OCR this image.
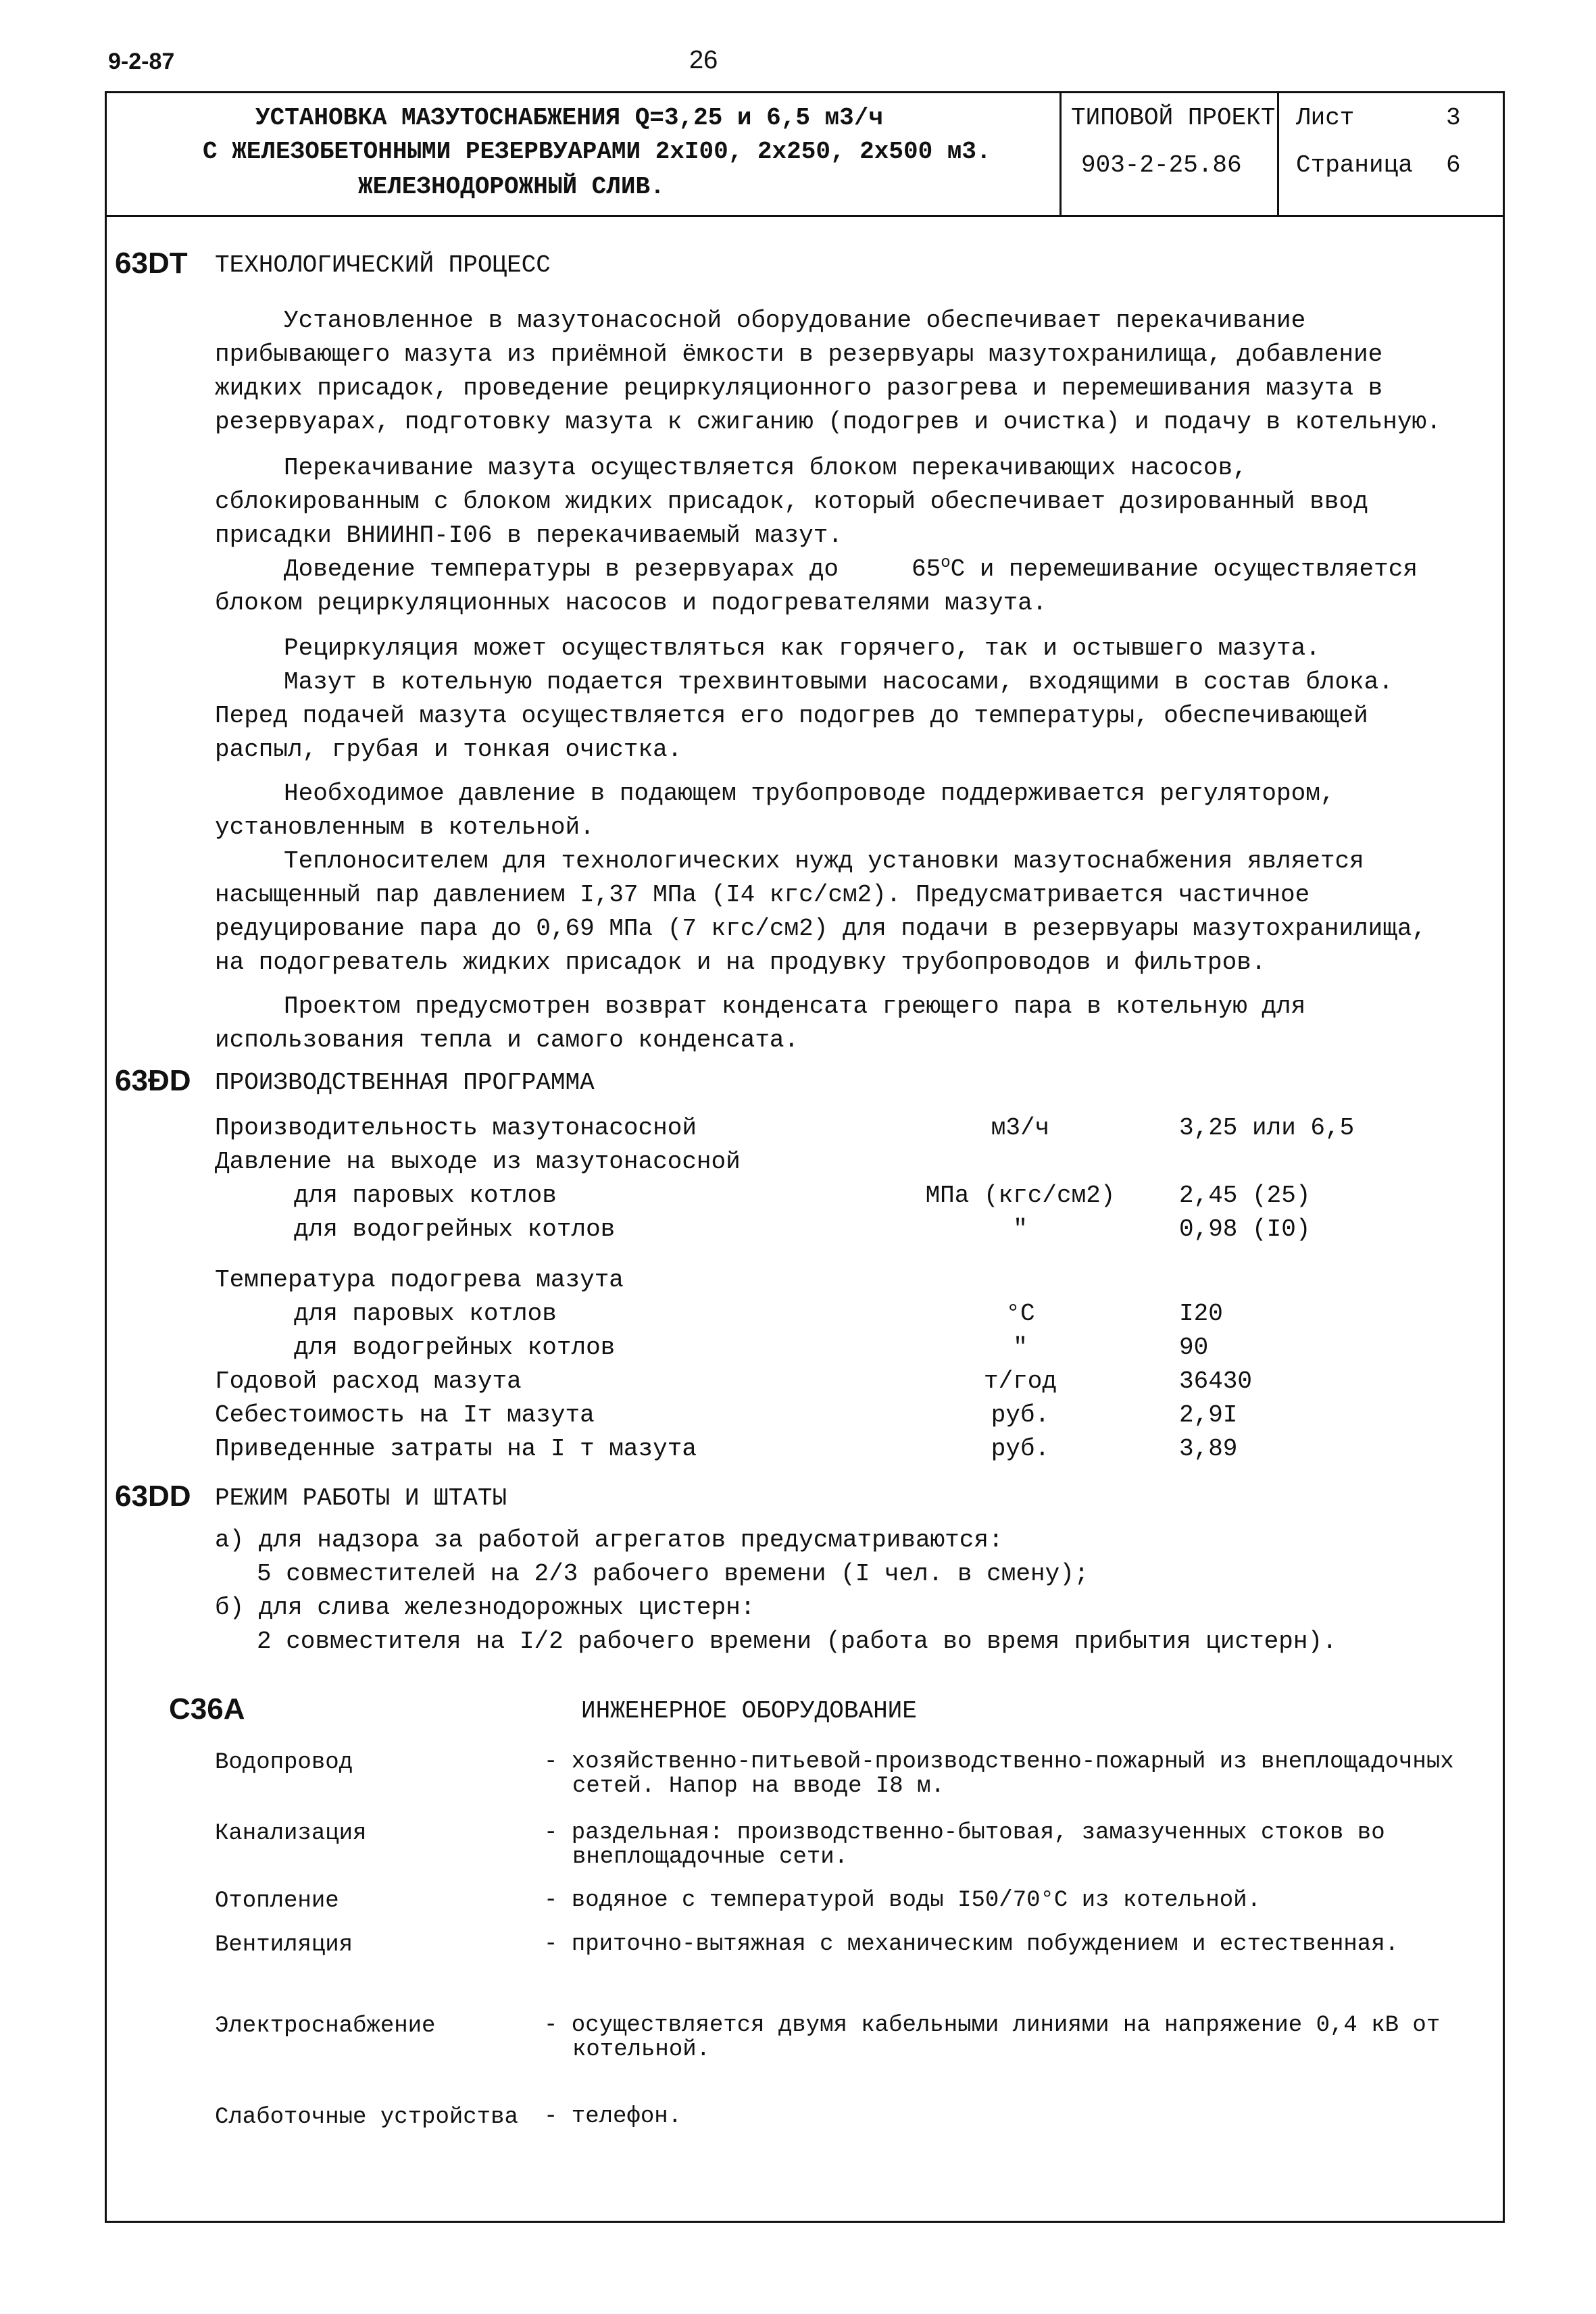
9-2-87	26
УСТАНОВКА МАЗУТОСНАБЖЕНИЯ Q=3,25 и 6,5 м3/ч
С ЖЕЛЕЗОБЕТОННЫМИ РЕЗЕРВУАРАМИ 2хI00, 2х250, 2х500 м3.
ЖЕЛЕЗНОДОРОЖНЫЙ СЛИВ.
ТИПОВОЙ ПРОЕКТ
903-2-25.86
Лист	3
Страница 6
63DT ТЕХНОЛОГИЧЕСКИЙ ПРОЦЕСС
Установленное в мазутонасосной оборудование обеспечивает перекачивание прибывающего мазута из приёмной ёмкости в резервуары мазутохранилища, добавление жидких присадок, проведение рециркуляционного разогрева и перемешивания мазута в резервуарах, подготовку мазута к сжиганию (подогрев и очистка) и подачу в котельную.
Перекачивание мазута осуществляется блоком перекачивающих насосов, сблокированным с блоком жидких присадок, который обеспечивает дозированный ввод присадки ВНИИНП-I06 в перекачиваемый мазут.
Доведение температуры в резервуарах до	65$^o$С и перемешивание осуществляется блоком рециркуляционных насосов и подогревателями мазута.
Рециркуляция может осуществляться как горячего, так и остывшего мазута.
Мазут в котельную подается трехвинтовыми насосами, входящими в состав блока. Перед подачей мазута осуществляется его подогрев до температуры, обеспечивающей распыл, грубая и тонкая очистка.
Необходимое давление в подающем трубопроводе поддерживается регулятором, установленным в котельной.
Теплоносителем для технологических нужд установки мазутоснабжения является насыщенный пар давлением I,37 МПа (I4 кгс/см2). Предусматривается частичное редуцирование пара до 0,69 МПа (7 кгс/см2) для подачи в резервуары мазутохранилища, на подогреватель жидких присадок и на продувку трубопроводов и фильтров.
Проектом предусмотрен возврат конденсата греющего пара в котельную для использования тепла и самого конденсата.
63ÐD ПРОИЗВОДСТВЕННАЯ ПРОГРАММА
Производительность мазутонасосной	м3/ч	3,25 или 6,5
Давление на выходе из мазутонасосной
для паровых котлов	МПа (кгс/см2)	2,45 (25)
для водогрейных котлов	"	0,98 (I0)
Температура подогрева мазута
для паровых котлов	°С	I20
для водогрейных котлов	"	90
Годовой расход мазута	т/год	36430
Себестоимость на Iт мазута	руб.	2,9I
Приведенные затраты на I т мазута	руб.	3,89
63DD РЕЖИМ РАБОТЫ И ШТАТЫ
а) для надзора за работой агрегатов предусматриваются:
5 совместителей на 2/3 рабочего времени (I чел. в смену);
б) для слива железнодорожных цистерн:
2 совместителя на I/2 рабочего времени (работа во время прибытия цистерн).
C36A	ИНЖЕНЕРНОЕ ОБОРУДОВАНИЕ
Водопровод	- хозяйственно-питьевой-производственно-пожарный из внеплощадочных сетей. Напор на вводе I8 м.
Канализация	- раздельная: производственно-бытовая, замазученных стоков во внеплощадочные сети.
Отопление	- водяное с температурой воды I50/70°С из котельной.
Вентиляция	- приточно-вытяжная с механическим побуждением и естественная.
Электроснабжение	- осуществляется двумя кабельными линиями на напряжение 0,4 кВ от котельной.
Слаботочные устройства - телефон.
